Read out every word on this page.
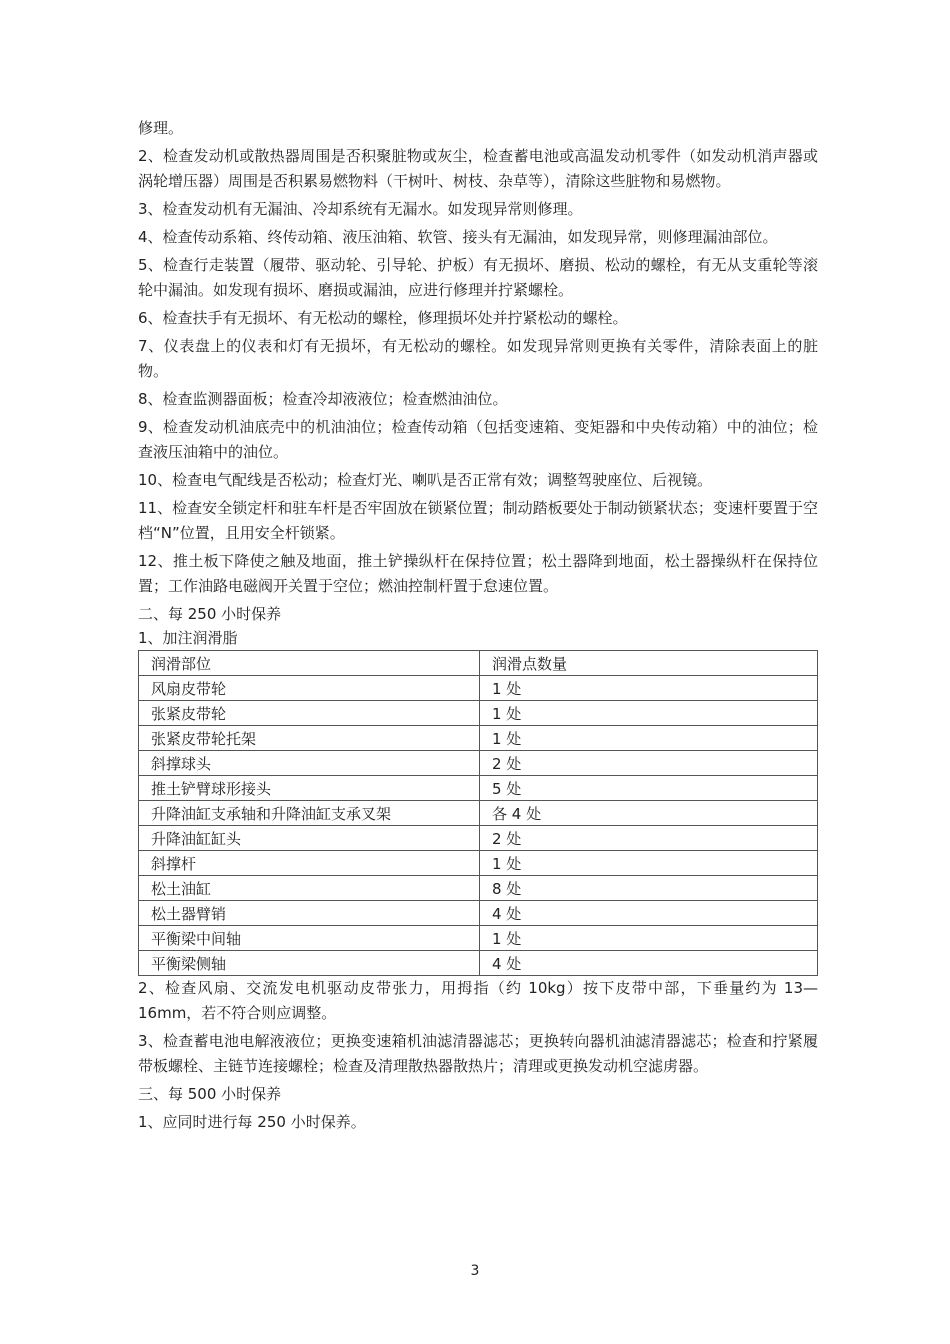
修理。

2、检查发动机或散热器周围是否积聚脏物或灰尘，检查蓄电池或高温发动机零件（如发动机消声器或涡轮增压器）周围是否积累易燃物料（干树叶、树枝、杂草等），清除这些脏物和易燃物。

3、检查发动机有无漏油、冷却系统有无漏水。如发现异常则修理。

4、检查传动系箱、终传动箱、液压油箱、软管、接头有无漏油，如发现异常，则修理漏油部位。

5、检查行走装置（履带、驱动轮、引导轮、护板）有无损坏、磨损、松动的螺栓，有无从支重轮等滚轮中漏油。如发现有损坏、磨损或漏油，应进行修理并拧紧螺栓。

6、检查扶手有无损坏、有无松动的螺栓，修理损坏处并拧紧松动的螺栓。

7、仪表盘上的仪表和灯有无损坏，有无松动的螺栓。如发现异常则更换有关零件，清除表面上的脏物。

8、检查监测器面板；检查冷却液液位；检查燃油油位。

9、检查发动机油底壳中的机油油位；检查传动箱（包括变速箱、变矩器和中央传动箱）中的油位；检查液压油箱中的油位。

10、检查电气配线是否松动；检查灯光、喇叭是否正常有效；调整驾驶座位、后视镜。

11、检查安全锁定杆和驻车杆是否牢固放在锁紧位置；制动踏板要处于制动锁紧状态；变速杆要置于空档“N”位置，且用安全杆锁紧。

12、推土板下降使之触及地面，推土铲操纵杆在保持位置；松土器降到地面，松土器操纵杆在保持位置；工作油路电磁阀开关置于空位；燃油控制杆置于怠速位置。

二、每 250 小时保养

1、加注润滑脂

润滑部位	润滑点数量
风扇皮带轮	1 处
张紧皮带轮	1 处
张紧皮带轮托架	1 处
斜撑球头	2 处
推土铲臂球形接头	5 处
升降油缸支承轴和升降油缸支承叉架	各 4 处
升降油缸缸头	2 处
斜撑杆	1 处
松土油缸	8 处
松土器臂销	4 处
平衡梁中间轴	1 处
平衡梁侧轴	4 处

2、检查风扇、交流发电机驱动皮带张力，用拇指（约 10kg）按下皮带中部，下垂量约为 13—16mm，若不符合则应调整。

3、检查蓄电池电解液液位；更换变速箱机油滤清器滤芯；更换转向器机油滤清器滤芯；检查和拧紧履带板螺栓、主链节连接螺栓；检查及清理散热器散热片；清理或更换发动机空滤虏器。

三、每 500 小时保养

1、应同时进行每 250 小时保养。

3
